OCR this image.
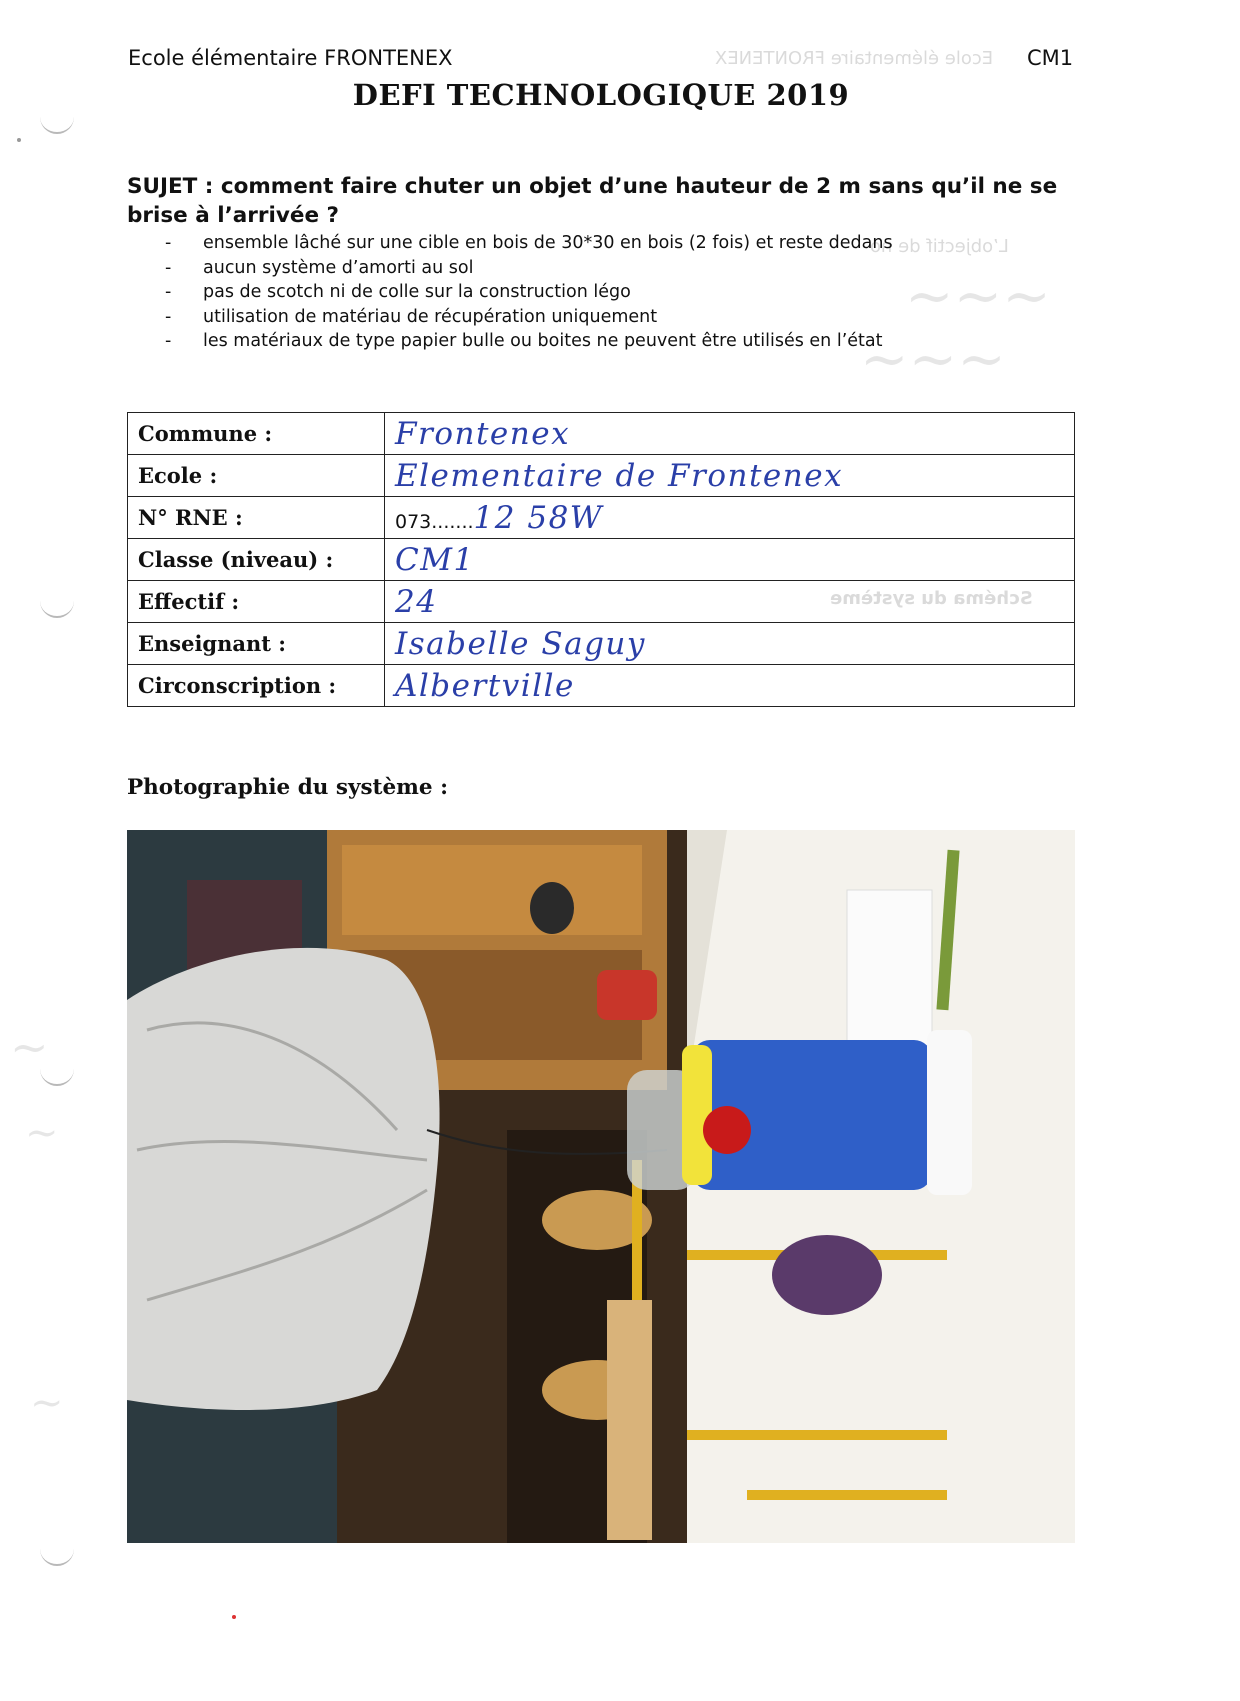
Ecole élémentaire FRONTENEX
L’objectif de no
Schéma du système
~~~
~~~
~
~
~
Ecole élémentaire FRONTENEX	CM1
DEFI TECHNOLOGIQUE 2019
SUJET : comment faire chuter un objet d’une hauteur de 2 m sans qu’il ne se brise à l’arrivée ?
- ensemble lâché sur une cible en bois de 30*30 en bois (2 fois) et reste dedans
- aucun système d’amorti au sol
- pas de scotch ni de colle sur la construction légo
- utilisation de matériau de récupération uniquement
- les matériaux de type papier bulle ou boites ne peuvent être utilisés en l’état
Commune :	Frontenex
Ecole :	Elementaire de Frontenex
N° RNE :	073.......12 58W
Classe (niveau) :	CM1
Effectif :	24
Enseignant :	Isabelle Saguy
Circonscription :	Albertville
Photographie du système :
